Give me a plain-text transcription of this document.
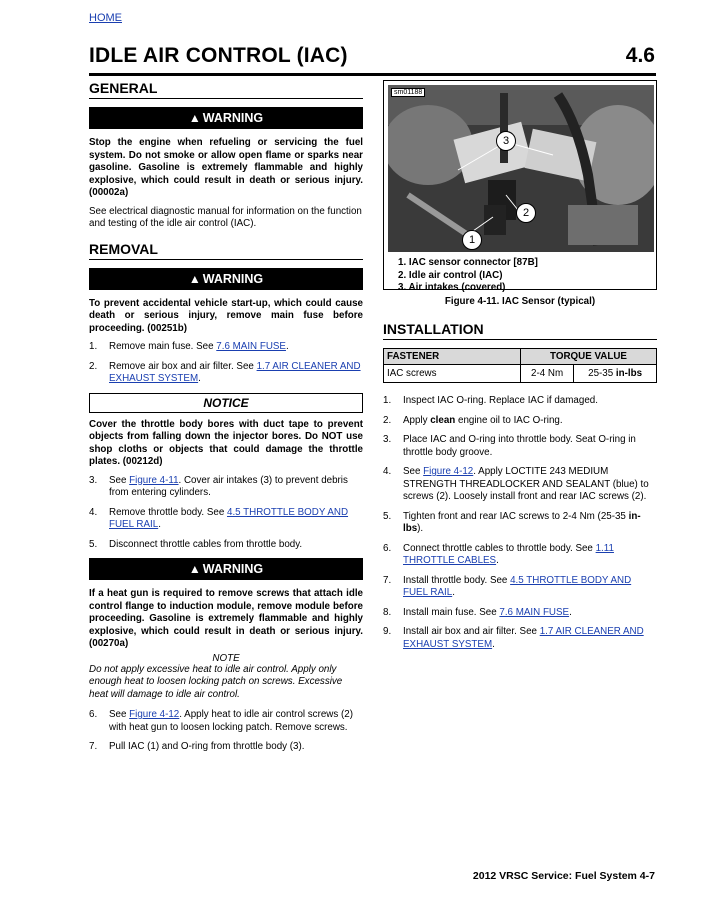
HOME
IDLE AIR CONTROL (IAC)	4.6
GENERAL
▲ WARNING

Stop the engine when refueling or servicing the fuel system. Do not smoke or allow open flame or sparks near gasoline. Gasoline is extremely flammable and highly explosive, which could result in death or serious injury. (00002a)

See electrical diagnostic manual for information on the function and testing of the idle air control (IAC).

REMOVAL
▲ WARNING

To prevent accidental vehicle start-up, which could cause death or serious injury, remove main fuse before proceeding. (00251b)

1. Remove main fuse. See 7.6 MAIN FUSE.
2. Remove air box and air filter. See 1.7 AIR CLEANER AND EXHAUST SYSTEM.
NOTICE

Cover the throttle body bores with duct tape to prevent objects from falling down the injector bores. Do NOT use shop cloths or objects that could damage the throttle plates. (00212d)

3. See Figure 4-11. Cover air intakes (3) to prevent debris from entering cylinders.
4. Remove throttle body. See 4.5 THROTTLE BODY AND FUEL RAIL.
5. Disconnect throttle cables from throttle body.
▲ WARNING

If a heat gun is required to remove screws that attach idle control flange to induction module, remove module before proceeding. Gasoline is extremely flammable and highly explosive, which could result in death or serious injury. (00270a)

NOTE

Do not apply excessive heat to idle air control. Apply only enough heat to loosen locking patch on screws. Excessive heat will damage to idle air control.

6. See Figure 4-12. Apply heat to idle air control screws (2) with heat gun to loosen locking patch. Remove screws.
7. Pull IAC (1) and O-ring from throttle body (3).
sm01188
3
2
1
1. IAC sensor connector [87B]
2. Idle air control (IAC)
3. Air intakes (covered)
Figure 4-11. IAC Sensor (typical)
INSTALLATION
FASTENER	TORQUE VALUE	
IAC screws	2-4 Nm	25-35 in-lbs
1. Inspect IAC O-ring. Replace IAC if damaged.
2. Apply clean engine oil to IAC O-ring.
3. Place IAC and O-ring into throttle body. Seat O-ring in throttle body groove.
4. See Figure 4-12. Apply LOCTITE 243 MEDIUM STRENGTH THREADLOCKER AND SEALANT (blue) to screws (2). Loosely install front and rear IAC screws (2).
5. Tighten front and rear IAC screws to 2-4 Nm (25-35 in-lbs).
6. Connect throttle cables to throttle body. See 1.11 THROTTLE CABLES.
7. Install throttle body. See 4.5 THROTTLE BODY AND FUEL RAIL.
8. Install main fuse. See 7.6 MAIN FUSE.
9. Install air box and air filter. See 1.7 AIR CLEANER AND EXHAUST SYSTEM.
2012 VRSC Service: Fuel System 4-7
